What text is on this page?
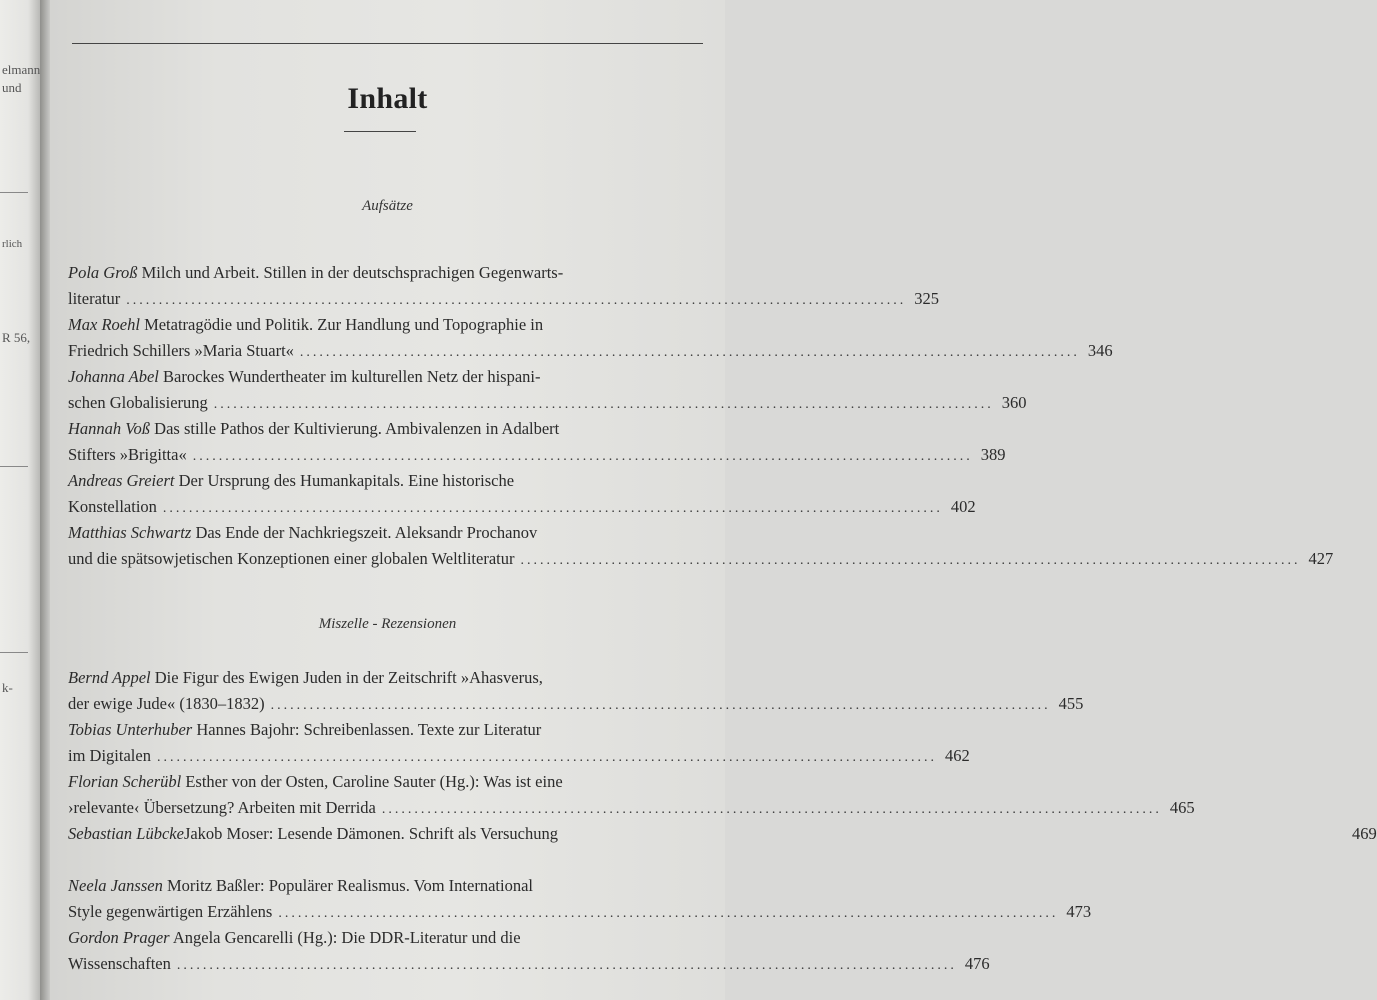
elmann
und
rlich
R 56,
k-
Inhalt
Aufsätze
Pola Groß Milch und Arbeit. Stillen in der deutschsprachigen Gegenwarts-
literatur ........................................................................................................................ 325
Max Roehl Metatragödie und Politik. Zur Handlung und Topographie in
Friedrich Schillers »Maria Stuart« ........................................................................................................................ 346
Johanna Abel Barockes Wundertheater im kulturellen Netz der hispani-
schen Globalisierung ........................................................................................................................ 360
Hannah Voß Das stille Pathos der Kultivierung. Ambivalenzen in Adalbert
Stifters »Brigitta« ........................................................................................................................ 389
Andreas Greiert Der Ursprung des Humankapitals. Eine historische
Konstellation ........................................................................................................................ 402
Matthias Schwartz Das Ende der Nachkriegszeit. Aleksandr Prochanov
und die spätsowjetischen Konzeptionen einer globalen Weltliteratur ........................................................................................................................ 427
Miszelle - Rezensionen
Bernd Appel Die Figur des Ewigen Juden in der Zeitschrift »Ahasverus,
der ewige Jude« (1830–1832) ........................................................................................................................ 455
Tobias Unterhuber Hannes Bajohr: Schreibenlassen. Texte zur Literatur
im Digitalen ........................................................................................................................ 462
Florian Scherübl Esther von der Osten, Caroline Sauter (Hg.): Was ist eine
›relevante‹ Übersetzung? Arbeiten mit Derrida ........................................................................................................................ 465
Sebastian Lübcke Jakob Moser: Lesende Dämonen. Schrift als Versuchung	469
Neela Janssen Moritz Baßler: Populärer Realismus. Vom International
Style gegenwärtigen Erzählens ........................................................................................................................ 473
Gordon Prager Angela Gencarelli (Hg.): Die DDR-Literatur und die
Wissenschaften ........................................................................................................................ 476
